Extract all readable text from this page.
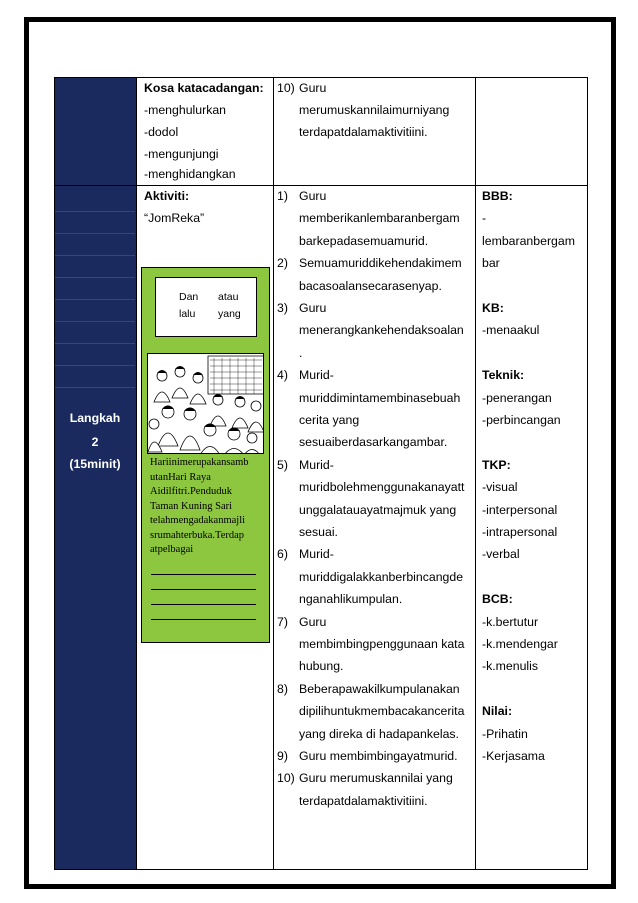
Kosa katacadangan:
-menghulurkan
-dodol
-mengunjungi
-menghidangkan
10) Guru
merumuskannilaimurniyang
terdapatdalamaktivitiini.
Langkah
2
(15minit)
Aktiviti:
“JomReka”
Dan
lalu
atau
yang
Hariinimerupakansamb
utanHari Raya
Aidilfitri.Penduduk
Taman Kuning Sari
telahmengadakanmajli
srumahterbuka.Terdap
atpelbagai
1) Guru
memberikanlembaranbergam
barkepadasemuamurid.
2) Semuamuriddikehendakimem
bacasoalansecarasenyap.
3) Guru
menerangkankehendaksoalan
.
4) Murid-
muriddimintamembinasebuah
cerita yang
sesuaiberdasarkangambar.
5) Murid-
muridbolehmenggunakanayatt
unggalatauayatmajmuk yang
sesuai.
6) Murid-
muriddigalakkanberbincangde
nganahlikumpulan.
7) Guru
membimbingpenggunaan kata
hubung.
8) Beberapawakilkumpulanakan
dipilihuntukmembacakancerita
yang direka di hadapankelas.
9) Guru membimbingayatmurid.
10) Guru merumuskannilai yang
terdapatdalamaktivitiini.
BBB:
-
lembaranbergam
bar
KB:
-menaakul
Teknik:
-penerangan
-perbincangan
TKP:
-visual
-interpersonal
-intrapersonal
-verbal
BCB:
-k.bertutur
-k.mendengar
-k.menulis
Nilai:
-Prihatin
-Kerjasama
